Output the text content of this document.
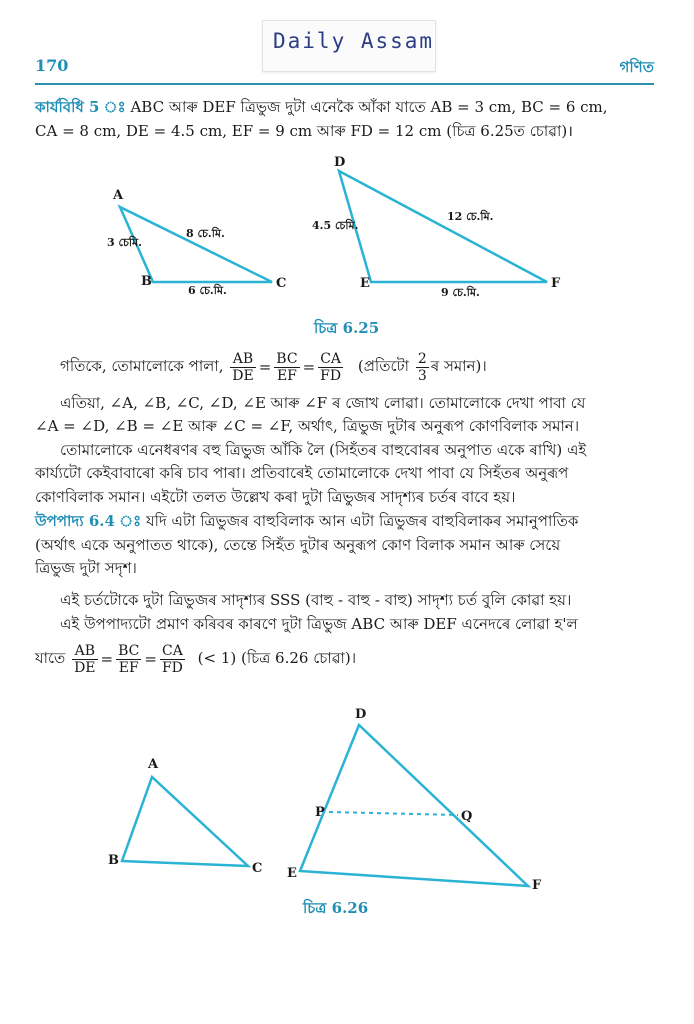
Daily Assam
170	গণিত
কাৰ্যবিধি 5 ঃ ABC আৰু DEF ত্ৰিভুজ দুটা এনেকৈ আঁকা যাতে AB = 3 cm, BC = 6 cm,
CA = 8 cm, DE = 4.5 cm, EF = 9 cm আৰু FD = 12 cm (চিত্ৰ 6.25ত চোৱা)।
A
B	C
3 চেমি.
8 চে.মি.
6 চে.মি.
D
E	F
4.5 চেমি.
12 চে.মি.
9 চে.মি.
A
B
C
D
E
F
P	Q
চিত্ৰ 6.25
গতিকে, তোমালোকে পালা, $\frac{AB}{DE} = \frac{BC}{EF} = \frac{CA}{FD}$ (প্ৰতিটো $\frac{2}{3}$ ৰ সমান)।
এতিয়া, ∠A, ∠B, ∠C, ∠D, ∠E আৰু ∠F ৰ জোখ লোৱা। তোমালোকে দেখা পাবা যে
∠A = ∠D, ∠B = ∠E আৰু ∠C = ∠F, অৰ্থাৎ, ত্ৰিভুজ দুটাৰ অনুৰূপ কোণবিলাক সমান।
তোমালোকে এনেধৰণৰ বহু ত্ৰিভুজ আঁকি লৈ (সিহঁতৰ বাহুবোৰৰ অনুপাত একে ৰাখি) এই
কাৰ্য্যটো কেইবাবাৰো কৰি চাব পাৰা। প্ৰতিবাৰেই তোমালোকে দেখা পাবা যে সিহঁতৰ অনুৰূপ
কোণবিলাক সমান। এইটো তলত উল্লেখ কৰা দুটা ত্ৰিভুজৰ সাদৃশ্যৰ চৰ্তৰ বাবে হয়।
উপপাদ্য 6.4 ঃ যদি এটা ত্ৰিভুজৰ বাহুবিলাক আন এটা ত্ৰিভুজৰ বাহুবিলাকৰ সমানুপাতিক
(অৰ্থাৎ একে অনুপাতত থাকে), তেন্তে সিহঁত দুটাৰ অনুৰূপ কোণ বিলাক সমান আৰু সেয়ে
ত্ৰিভুজ দুটা সদৃশ।
এই চৰ্তটোকে দুটা ত্ৰিভুজৰ সাদৃশ্যৰ SSS (বাহু - বাহু - বাহু) সাদৃশ্য চৰ্ত বুলি কোৱা হয়।
এই উপপাদ্যটো প্ৰমাণ কৰিবৰ কাৰণে দুটা ত্ৰিভুজ ABC আৰু DEF এনেদৰে লোৱা হ'ল
যাতে $\frac{AB}{DE} = \frac{BC}{EF} = \frac{CA}{FD}$ (< 1) (চিত্ৰ 6.26 চোৱা)।
চিত্ৰ 6.26
